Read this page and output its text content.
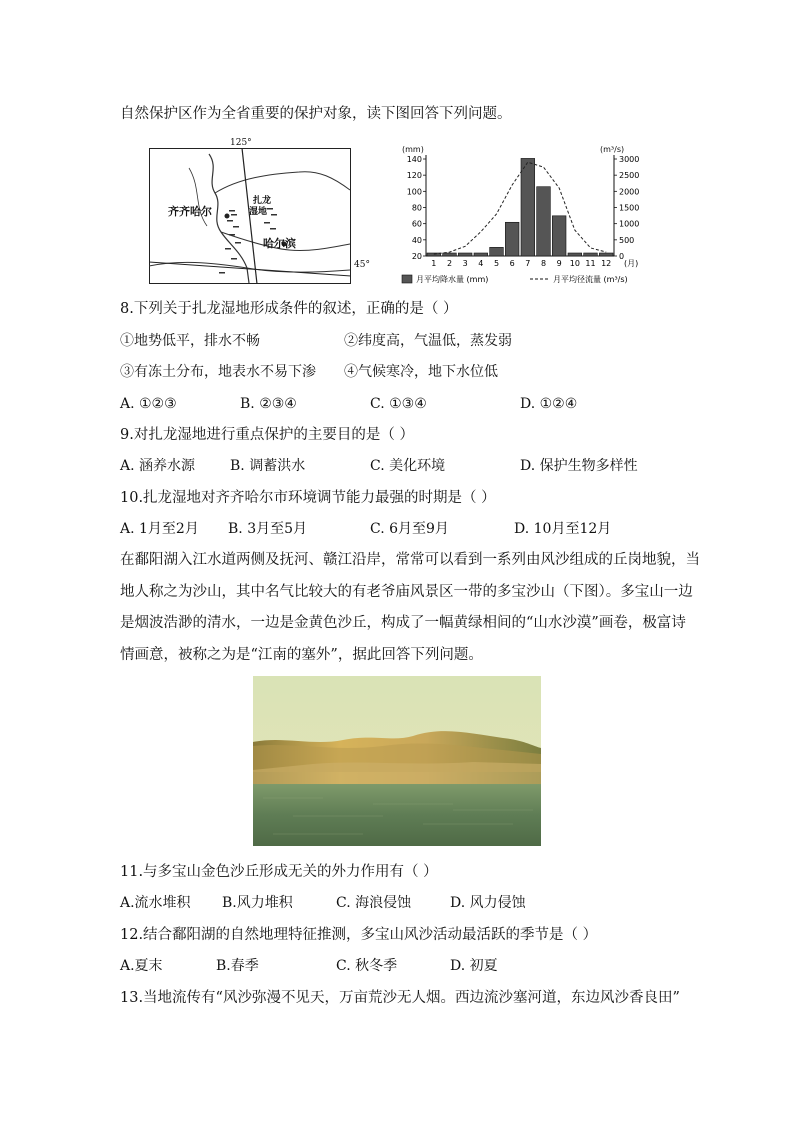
自然保护区作为全省重要的保护对象，读下图回答下列问题。
125°
45°
齐齐哈尔
哈尔滨
扎龙
湿地
(mm)	(m³/s)
140
120
100
80
60
40
20
3000
2500
2000
1500
1000
500
0
1 2 3 4 5 6 7 8 9 10 11 12 (月)
月平均降水量 (mm)	月平均径流量 (m³/s)
8.下列关于扎龙湿地形成条件的叙述，正确的是（ ）
①地势低平，排水不畅	②纬度高，气温低，蒸发弱
③有冻土分布，地表水不易下渗 ④气候寒冷，地下水位低
A. ①②③	B. ②③④	C. ①③④	D. ①②④
9.对扎龙湿地进行重点保护的主要目的是（ ）
A. 涵养水源 B. 调蓄洪水	C. 美化环境	D. 保护生物多样性
10.扎龙湿地对齐齐哈尔市环境调节能力最强的时期是（ ）
A. 1月至2月 B. 3月至5月	C. 6月至9月	D. 10月至12月
在鄱阳湖入江水道两侧及抚河、赣江沿岸，常常可以看到一系列由风沙组成的丘岗地貌，当
地人称之为沙山，其中名气比较大的有老爷庙风景区一带的多宝沙山（下图）。多宝山一边
是烟波浩渺的清水，一边是金黄色沙丘，构成了一幅黄绿相间的“山水沙漠”画卷，极富诗
情画意，被称之为是“江南的塞外”，据此回答下列问题。
11.与多宝山金色沙丘形成无关的外力作用有（ ）
A.流水堆积 B.风力堆积	C. 海浪侵蚀	D. 风力侵蚀
12.结合鄱阳湖的自然地理特征推测，多宝山风沙活动最活跃的季节是（ ）
A.夏末	B.春季	C. 秋冬季	D. 初夏
13.当地流传有“风沙弥漫不见天，万亩荒沙无人烟。西边流沙塞河道，东边风沙香良田”
